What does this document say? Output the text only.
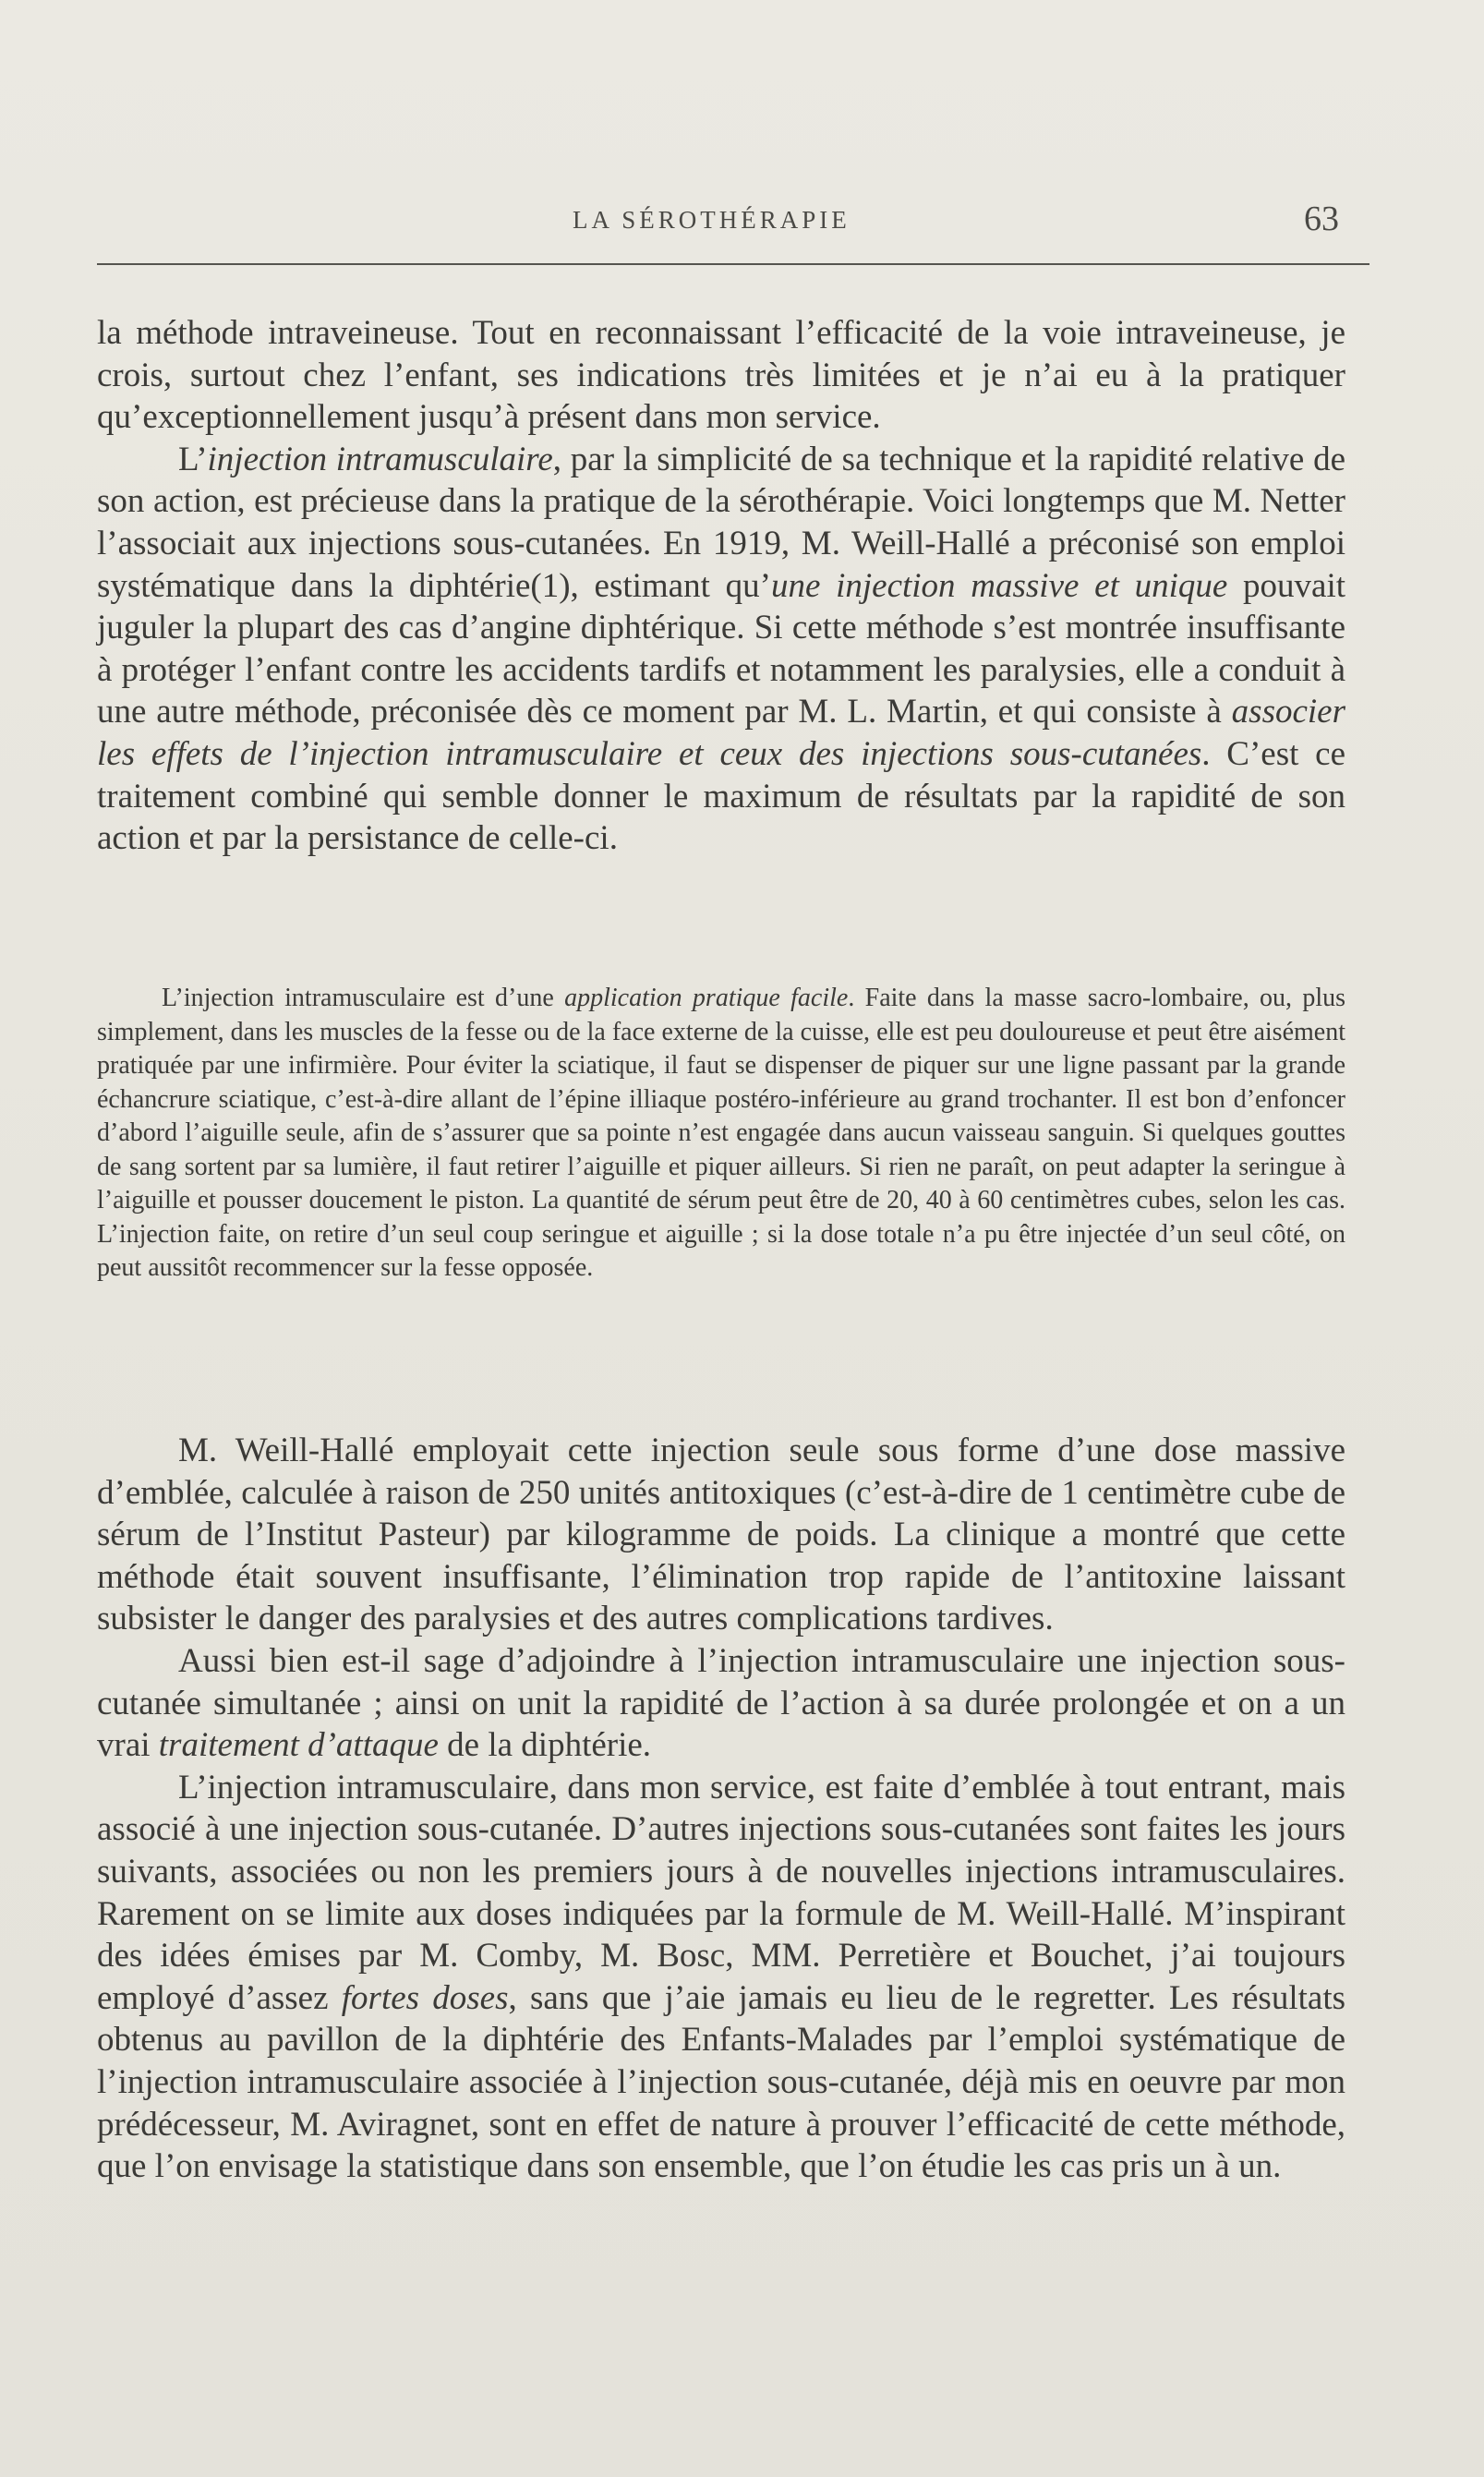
LA SÉROTHÉRAPIE	63

la méthode intraveineuse. Tout en reconnaissant l’efficacité de la voie intraveineuse, je crois, surtout chez l’enfant, ses indications très limitées et je n’ai eu à la pratiquer qu’exceptionnellement jusqu’à présent dans mon service.

L’injection intramusculaire, par la simplicité de sa technique et la rapidité relative de son action, est précieuse dans la pratique de la sérothérapie. Voici longtemps que M. Netter l’associait aux injections sous-cutanées. En 1919, M. Weill-Hallé a préconisé son emploi systématique dans la diphtérie(1), estimant qu’une injection massive et unique pouvait juguler la plupart des cas d’angine diphtérique. Si cette méthode s’est montrée insuffisante à protéger l’enfant contre les accidents tardifs et notamment les paralysies, elle a conduit à une autre méthode, préconisée dès ce moment par M. L. Martin, et qui consiste à associer les effets de l’injection intramusculaire et ceux des injections sous-cutanées. C’est ce traitement combiné qui semble donner le maximum de résultats par la rapidité de son action et par la persistance de celle-ci.

L’injection intramusculaire est d’une application pratique facile. Faite dans la masse sacro-lombaire, ou, plus simplement, dans les muscles de la fesse ou de la face externe de la cuisse, elle est peu douloureuse et peut être aisément pratiquée par une infirmière. Pour éviter la sciatique, il faut se dispenser de piquer sur une ligne passant par la grande échancrure sciatique, c’est-à-dire allant de l’épine illiaque postéro-inférieure au grand trochanter. Il est bon d’enfoncer d’abord l’aiguille seule, afin de s’assurer que sa pointe n’est engagée dans aucun vaisseau sanguin. Si quelques gouttes de sang sortent par sa lumière, il faut retirer l’aiguille et piquer ailleurs. Si rien ne paraît, on peut adapter la seringue à l’aiguille et pousser doucement le piston. La quantité de sérum peut être de 20, 40 à 60 centimètres cubes, selon les cas. L’injection faite, on retire d’un seul coup seringue et aiguille ; si la dose totale n’a pu être injectée d’un seul côté, on peut aussitôt recommencer sur la fesse opposée.

M. Weill-Hallé employait cette injection seule sous forme d’une dose massive d’emblée, calculée à raison de 250 unités antitoxiques (c’est-à-dire de 1 centimètre cube de sérum de l’Institut Pasteur) par kilogramme de poids. La clinique a montré que cette méthode était souvent insuffisante, l’élimination trop rapide de l’antitoxine laissant subsister le danger des paralysies et des autres complications tardives.

Aussi bien est-il sage d’adjoindre à l’injection intramusculaire une injection sous-cutanée simultanée ; ainsi on unit la rapidité de l’action à sa durée prolongée et on a un vrai traitement d’attaque de la diphtérie.

L’injection intramusculaire, dans mon service, est faite d’emblée à tout entrant, mais associé à une injection sous-cutanée. D’autres injections sous-cutanées sont faites les jours suivants, associées ou non les premiers jours à de nouvelles injections intramusculaires. Rarement on se limite aux doses indiquées par la formule de M. Weill-Hallé. M’inspirant des idées émises par M. Comby, M. Bosc, MM. Perretière et Bouchet, j’ai toujours employé d’assez fortes doses, sans que j’aie jamais eu lieu de le regretter. Les résultats obtenus au pavillon de la diphtérie des Enfants-Malades par l’emploi systématique de l’injection intramusculaire associée à l’injection sous-cutanée, déjà mis en oeuvre par mon prédécesseur, M. Aviragnet, sont en effet de nature à prouver l’efficacité de cette méthode, que l’on envisage la statistique dans son ensemble, que l’on étudie les cas pris un à un.
